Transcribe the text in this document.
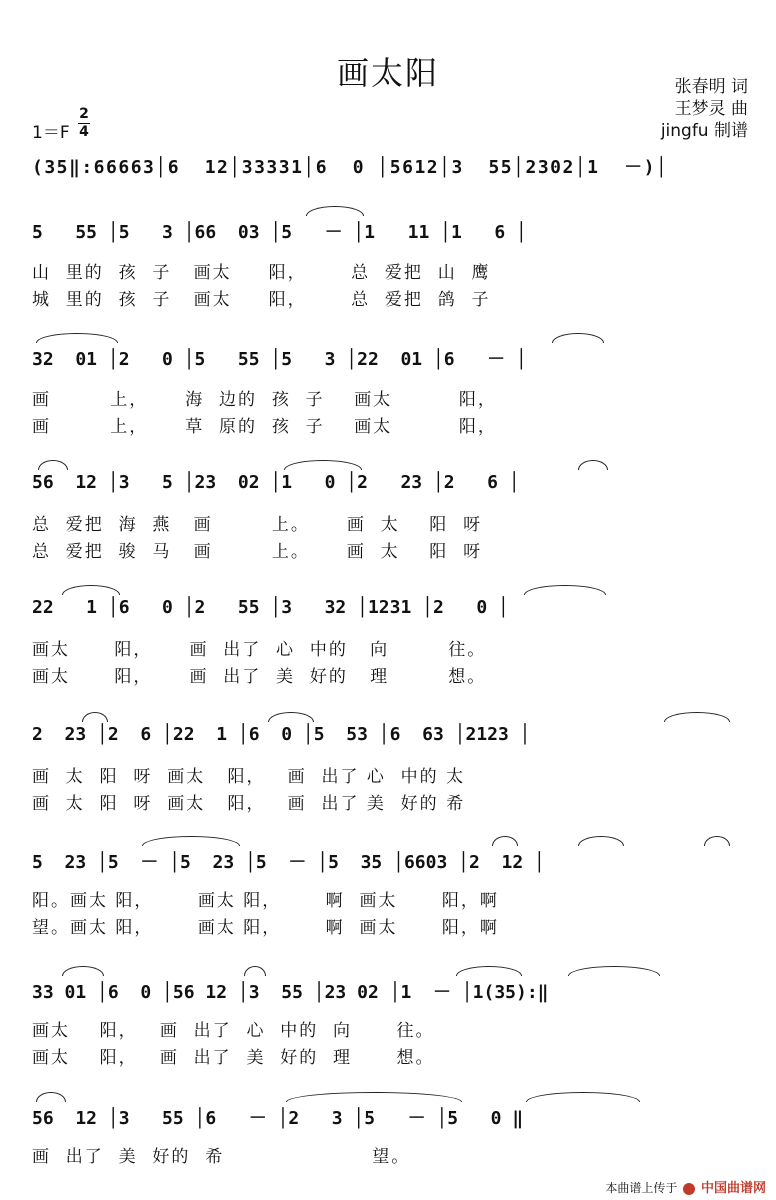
画太阳	张春明 词
王梦灵 曲
jingfu 制谱
1＝F
2
4
(35‖:66663│6  12│33331│6  0 │5612│3  55│2302│1  －)│
5   55 │5   3 │66  03 │5   － │1   11 │1   6 │
山  里的  孩  子   画太     阳，      总  爱把  山  鹰
城  里的  孩  子   画太     阳，      总  爱把  鸽  子
32  01 │2   0 │5   55 │5   3 │22  01 │6   － │
画        上，     海  边的  孩  子    画太         阳，
画        上，     草  原的  孩  子    画太         阳，
56  12 │3   5 │23  02 │1   0 │2   23 │2   6 │
总  爱把  海  燕   画        上。     画  太    阳  呀
总  爱把  骏  马   画        上。     画  太    阳  呀
22   1 │6   0 │2   55 │3   32 │1231 │2   0 │
画太      阳，     画  出了  心  中的   向        往。
画太      阳，     画  出了  美  好的   理        想。
2  23 │2  6 │22  1 │6  0 │5  53 │6  63 │2123 │
画  太  阳  呀  画太   阳，   画  出了 心  中的 太
画  太  阳  呀  画太   阳，   画  出了 美  好的 希
5  23 │5  － │5  23 │5  － │5  35 │6603 │2  12 │
阳。画太 阳，      画太 阳，      啊  画太      阳，啊
望。画太 阳，      画太 阳，      啊  画太      阳，啊
33 01 │6  0 │56 12 │3  55 │23 02 │1  － │1(35):‖
画太    阳，   画  出了  心  中的  向      往。
画太    阳，   画  出了  美  好的  理      想。
56  12 │3   55 │6   － │2   3 │5   － │5   0 ‖
画  出了  美  好的  希                    望。
本曲谱上传于 中国曲谱网
